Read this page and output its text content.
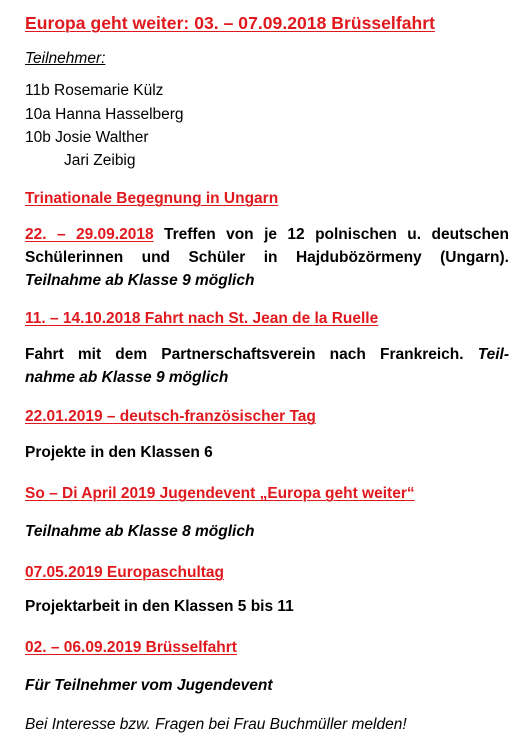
Europa geht weiter: 03. – 07.09.2018 Brüsselfahrt
Teilnehmer:
11b Rosemarie Külz
10a Hanna Hasselberg
10b Josie Walther
Jari Zeibig
Trinationale Begegnung in Ungarn
22. – 29.09.2018 Treffen von je 12 polnischen u. deutschen
Schülerinnen und Schüler in Hajdubözörmeny (Ungarn).
Teilnahme ab Klasse 9 möglich
11. – 14.10.2018 Fahrt nach St. Jean de la Ruelle
Fahrt mit dem Partnerschaftsverein nach Frankreich. Teil-
nahme ab Klasse 9 möglich
22.01.2019 – deutsch-französischer Tag
Projekte in den Klassen 6
So – Di April 2019 Jugendevent „Europa geht weiter“
Teilnahme ab Klasse 8 möglich
07.05.2019 Europaschultag
Projektarbeit in den Klassen 5 bis 11
02. – 06.09.2019 Brüsselfahrt
Für Teilnehmer vom Jugendevent
Bei Interesse bzw. Fragen bei Frau Buchmüller melden!
